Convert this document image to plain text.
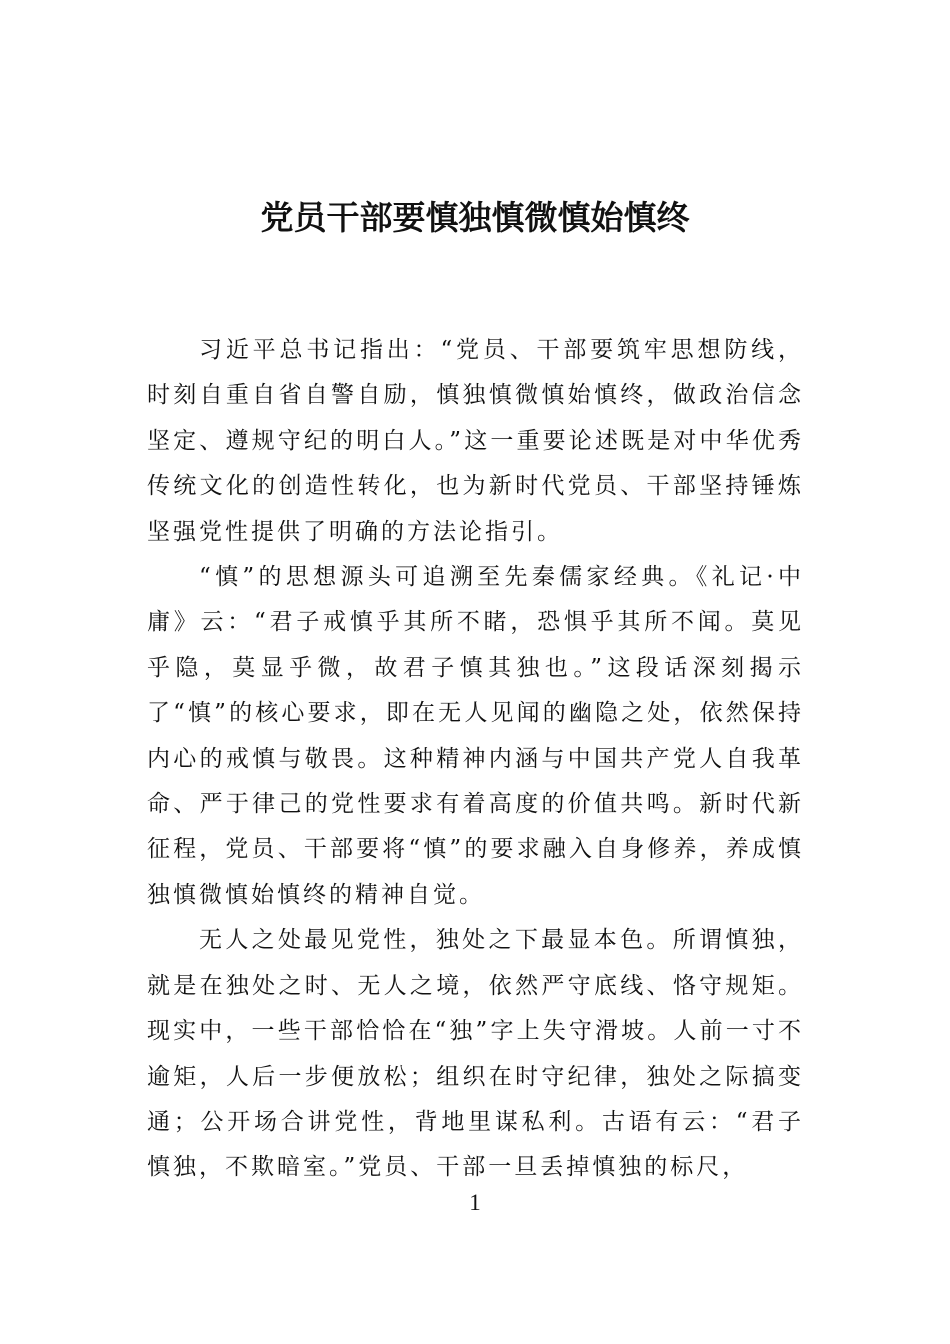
党员干部要慎独慎微慎始慎终

习近平总书记指出：“党员、干部要筑牢思想防线，时刻自重自省自警自励，慎独慎微慎始慎终，做政治信念坚定、遵规守纪的明白人。”这一重要论述既是对中华优秀传统文化的创造性转化，也为新时代党员、干部坚持锤炼坚强党性提供了明确的方法论指引。

“慎”的思想源头可追溯至先秦儒家经典。《礼记·中庸》云：“君子戒慎乎其所不睹，恐惧乎其所不闻。莫见乎隐，莫显乎微，故君子慎其独也。”这段话深刻揭示了“慎”的核心要求，即在无人见闻的幽隐之处，依然保持内心的戒慎与敬畏。这种精神内涵与中国共产党人自我革命、严于律己的党性要求有着高度的价值共鸣。新时代新征程，党员、干部要将“慎”的要求融入自身修养，养成慎独慎微慎始慎终的精神自觉。

无人之处最见党性，独处之下最显本色。所谓慎独，就是在独处之时、无人之境，依然严守底线、恪守规矩。现实中，一些干部恰恰在“独”字上失守滑坡。人前一寸不逾矩，人后一步便放松；组织在时守纪律，独处之际搞变通；公开场合讲党性，背地里谋私利。古语有云：“君子慎独，不欺暗室。”党员、干部一旦丢掉慎独的标尺，

1
